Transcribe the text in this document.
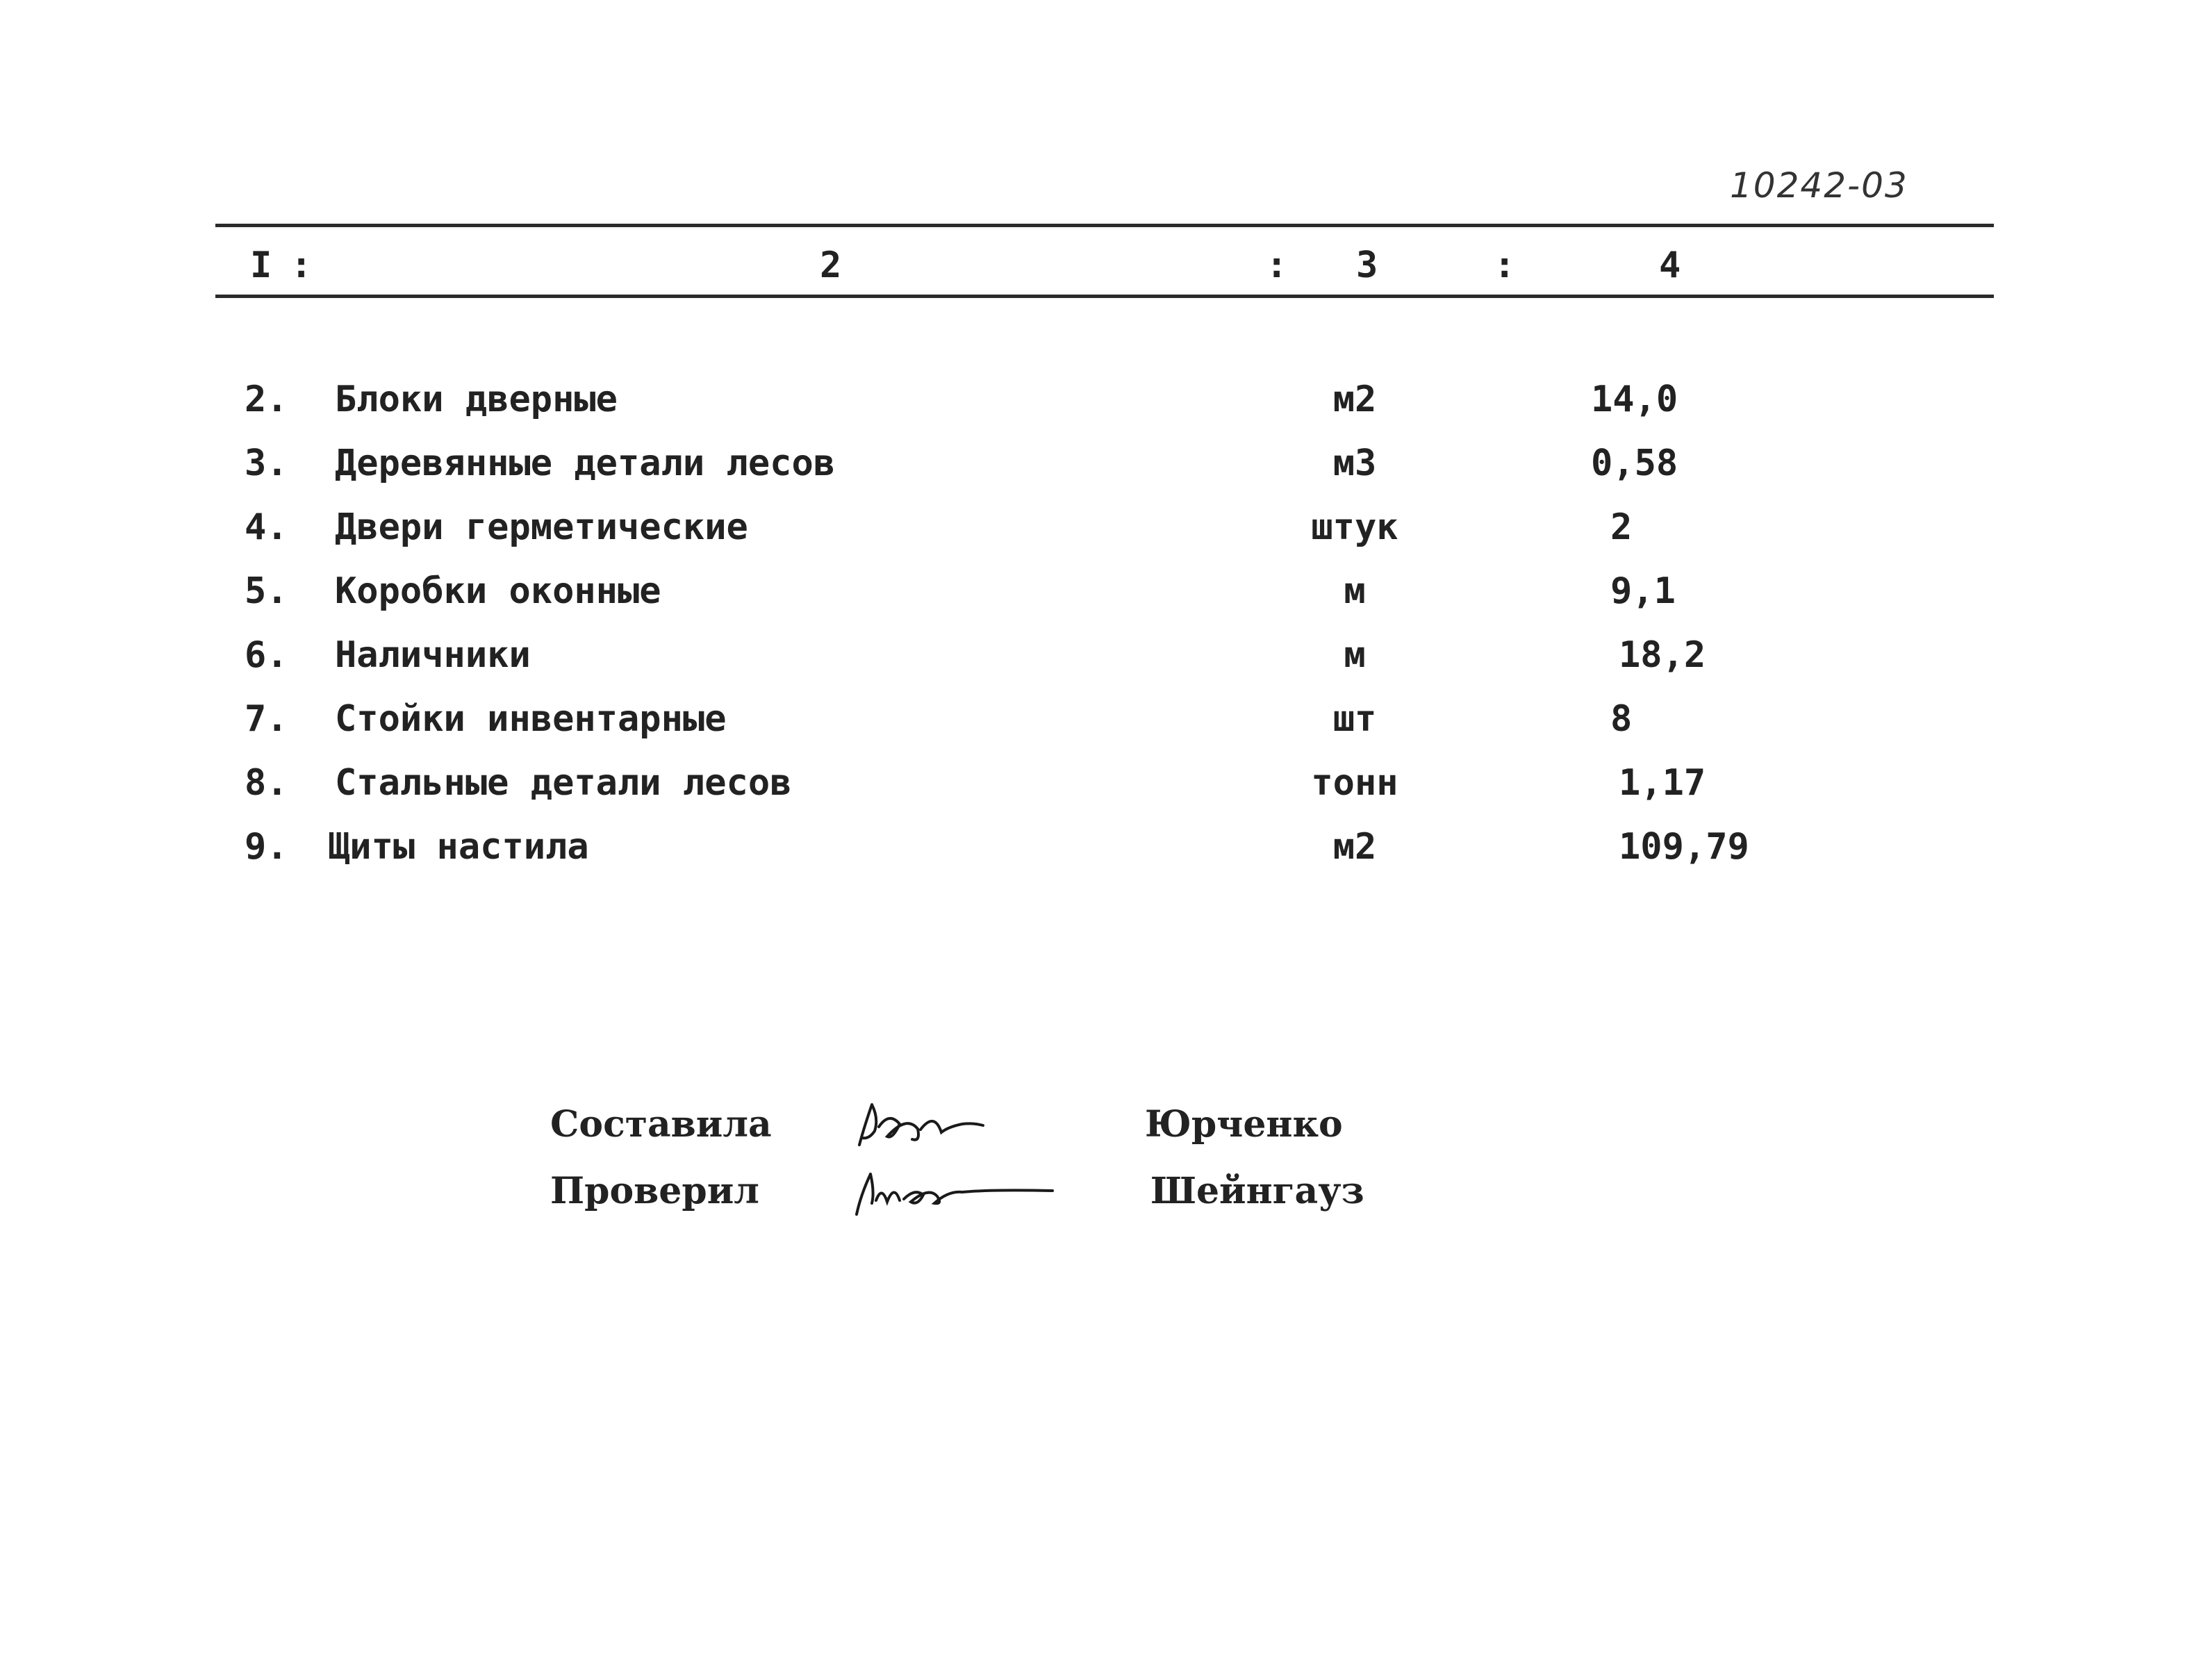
10242-03
I :	2	: 3	:	4
2. Блоки дверные	м2	14,0
3. Деревянные детали лесов	м3	0,58
4. Двери герметические	штук	2
5. Коробки оконные	м	9,1
6. Наличники	м	18,2
7. Стойки инвентарные	шт	8
8. Стальные детали лесов	тонн	1,17
9. Щиты настила	м2	109,79
Составила	Юрченко
Проверил	Шейнгауз
